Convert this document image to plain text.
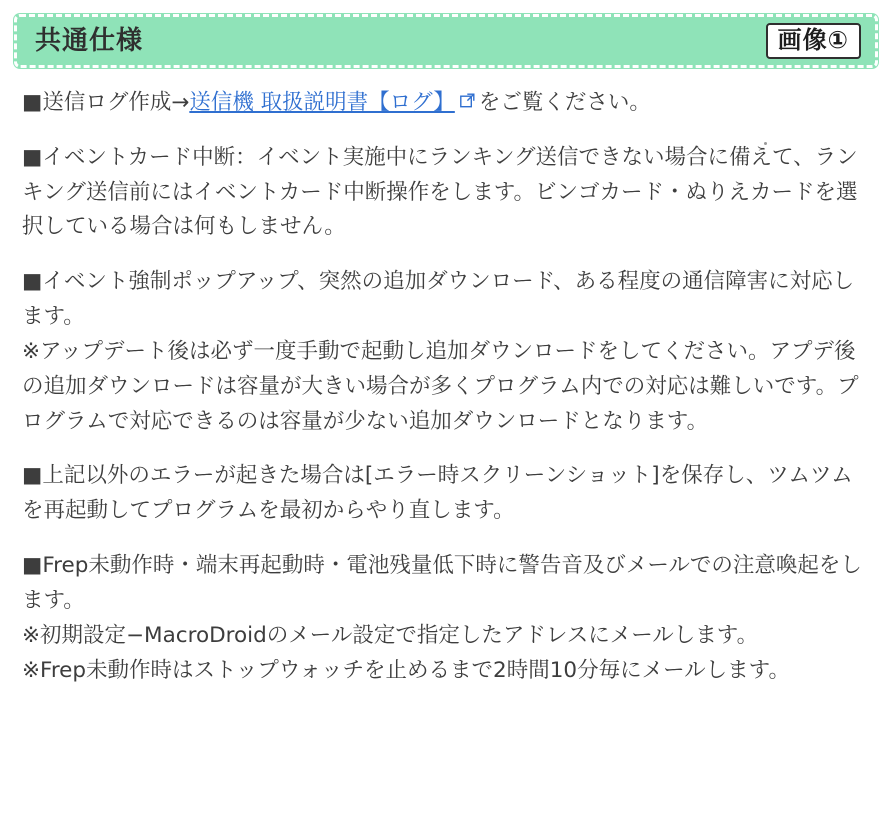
共通仕様	画像①

■送信ログ作成→送信機 取扱説明書【ログ】 をご覧ください。

■イベントカード中断：イベント実施中にランキング送信できない場合に備えて、ランキング送信前にはイベントカード中断操作をします。ビンゴカード・ぬりえカードを選択している場合は何もしません。

■イベント強制ポップアップ、突然の追加ダウンロード、ある程度の通信障害に対応します。

※アップデート後は必ず一度手動で起動し追加ダウンロードをしてください。アプデ後の追加ダウンロードは容量が大きい場合が多くプログラム内での対応は難しいです。プログラムで対応できるのは容量が少ない追加ダウンロードとなります。

■上記以外のエラーが起きた場合は[エラー時スクリーンショット]を保存し、ツムツムを再起動してプログラムを最初からやり直します。

■Frep未動作時・端末再起動時・電池残量低下時に警告音及びメールでの注意喚起をします。

※初期設定−MacroDroidのメール設定で指定したアドレスにメールします。

※Frep未動作時はストップウォッチを止めるまで2時間10分毎にメールします。
